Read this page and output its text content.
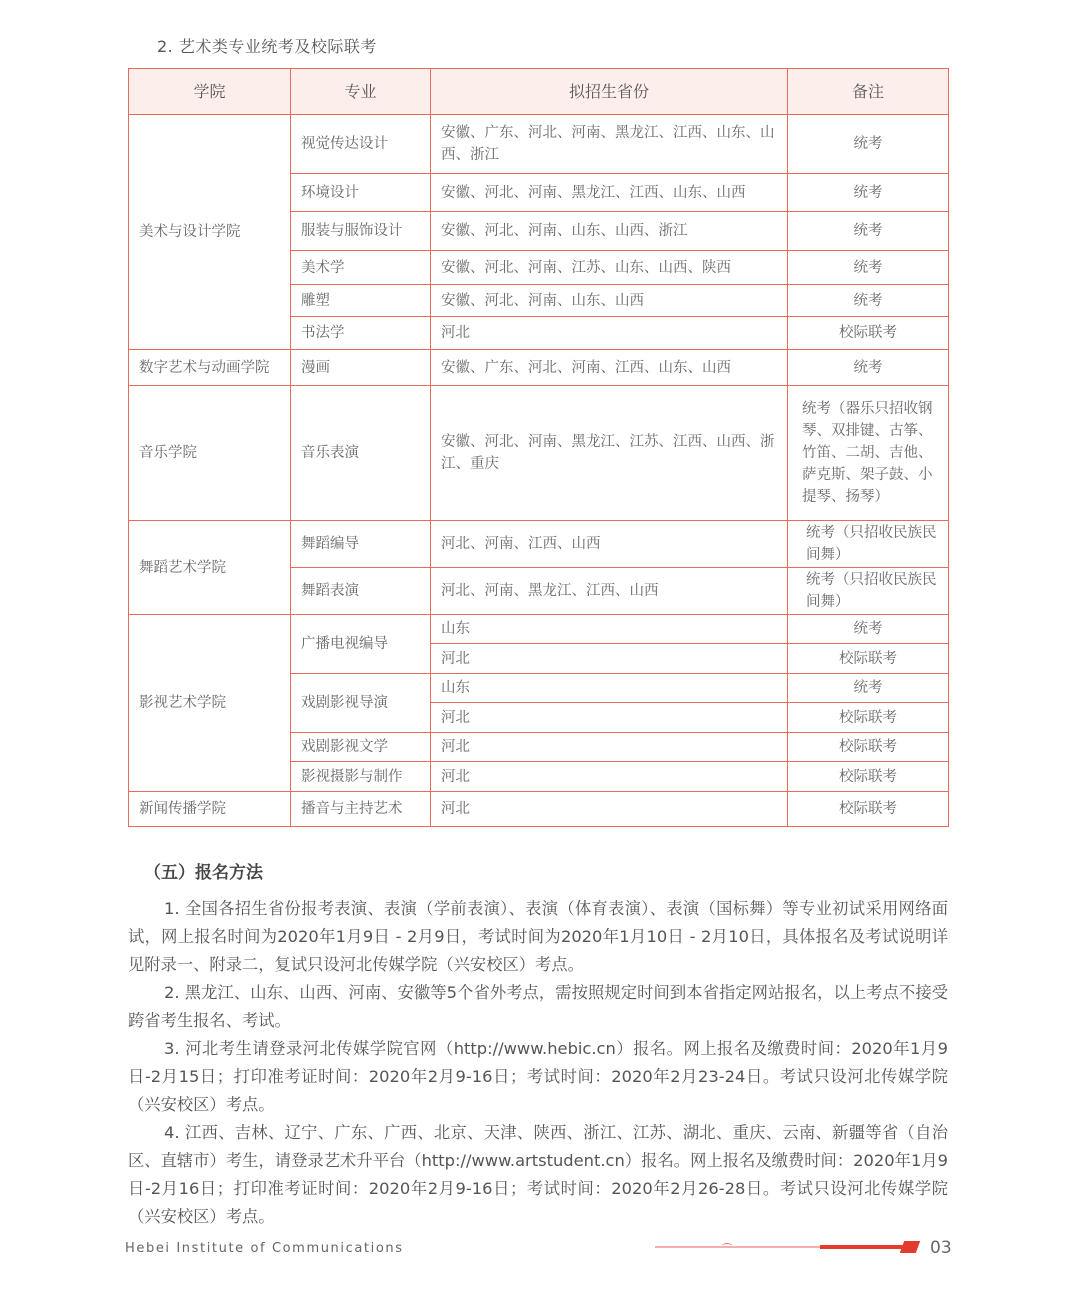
2. 艺术类专业统考及校际联考
学院	专业	拟招生省份	备注
美术与设计学院	视觉传达设计	安徽、广东、河北、河南、黑龙江、江西、山东、山西、浙江	统考
	环境设计	安徽、河北、河南、黑龙江、江西、山东、山西	统考
	服装与服饰设计	安徽、河北、河南、山东、山西、浙江	统考
	美术学	安徽、河北、河南、江苏、山东、山西、陕西	统考
	雕塑	安徽、河北、河南、山东、山西	统考
	书法学	河北	校际联考
数字艺术与动画学院	漫画	安徽、广东、河北、河南、江西、山东、山西	统考
音乐学院	音乐表演	安徽、河北、河南、黑龙江、江苏、江西、山西、浙江、重庆	统考（器乐只招收钢琴、双排键、古筝、竹笛、二胡、吉他、萨克斯、架子鼓、小提琴、扬琴）
舞蹈艺术学院	舞蹈编导	河北、河南、江西、山西	统考（只招收民族民间舞）
	舞蹈表演	河北、河南、黑龙江、江西、山西	统考（只招收民族民间舞）
影视艺术学院	广播电视编导	山东	统考
		河北	校际联考
	戏剧影视导演	山东	统考
		河北	校际联考
	戏剧影视文学	河北	校际联考
	影视摄影与制作	河北	校际联考
新闻传播学院	播音与主持艺术	河北	校际联考
（五）报名方法

1. 全国各招生省份报考表演、表演（学前表演）、表演（体育表演）、表演（国标舞）等专业初试采用网络面试，网上报名时间为2020年1月9日 - 2月9日，考试时间为2020年1月10日 - 2月10日，具体报名及考试说明详见附录一、附录二，复试只设河北传媒学院（兴安校区）考点。

2. 黑龙江、山东、山西、河南、安徽等5个省外考点，需按照规定时间到本省指定网站报名，以上考点不接受跨省考生报名、考试。

3. 河北考生请登录河北传媒学院官网（http://www.hebic.cn）报名。网上报名及缴费时间：2020年1月9日-2月15日；打印准考证时间：2020年2月9-16日；考试时间：2020年2月23-24日。考试只设河北传媒学院（兴安校区）考点。

4. 江西、吉林、辽宁、广东、广西、北京、天津、陕西、浙江、江苏、湖北、重庆、云南、新疆等省（自治区、直辖市）考生，请登录艺术升平台（http://www.artstudent.cn）报名。网上报名及缴费时间：2020年1月9日-2月16日；打印准考证时间：2020年2月9-16日；考试时间：2020年2月26-28日。考试只设河北传媒学院（兴安校区）考点。

Hebei Institute of Communications	03
